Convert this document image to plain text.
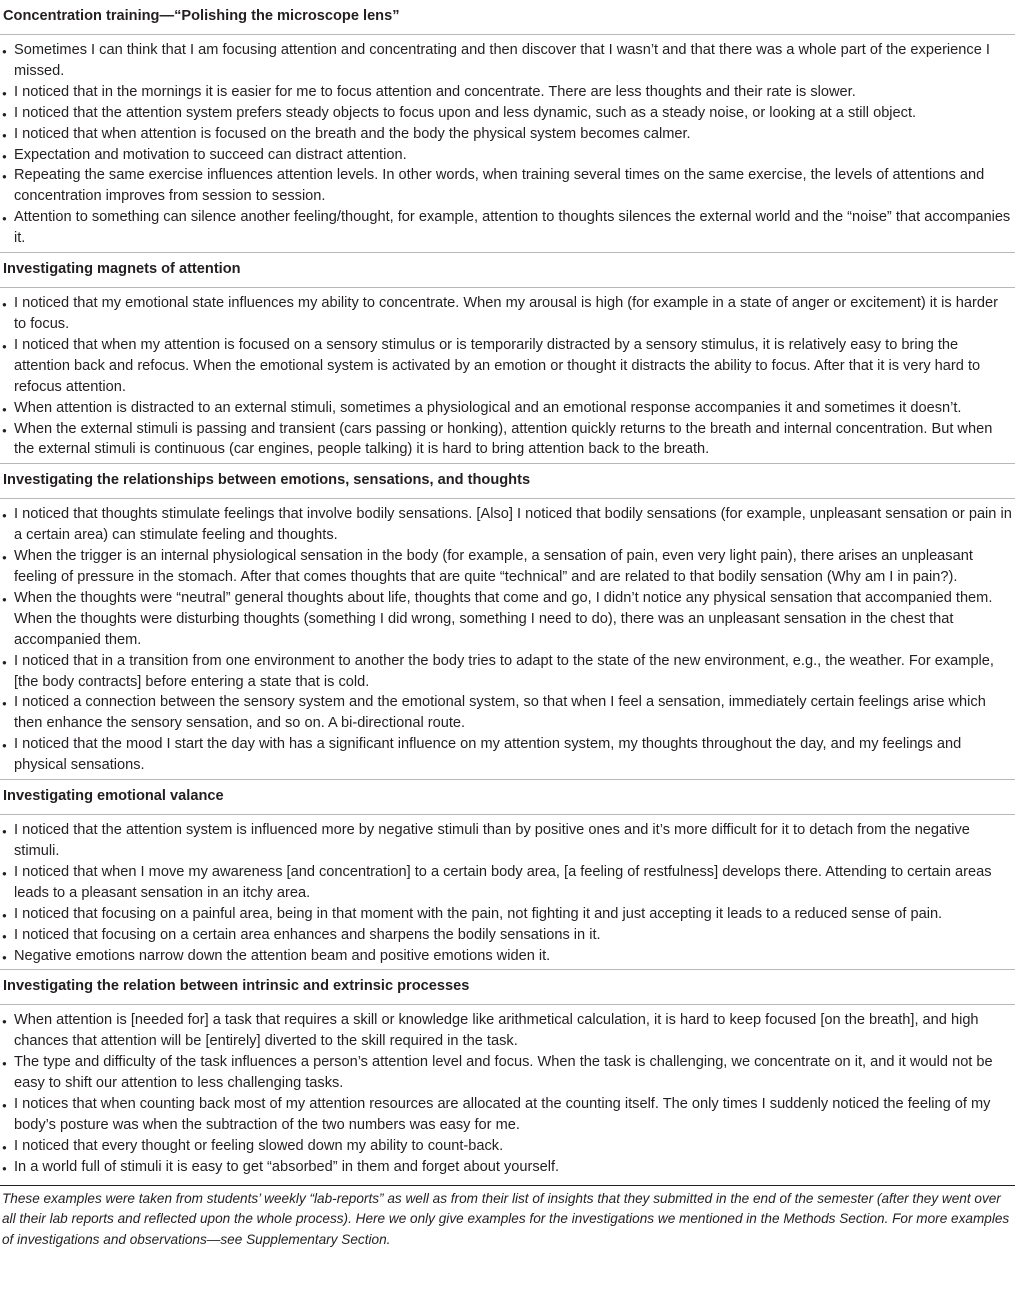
Concentration training—“Polishing the microscope lens”
● Sometimes I can think that I am focusing attention and concentrating and then discover that I wasn’t and that there was a whole part of the experience I missed.
● I noticed that in the mornings it is easier for me to focus attention and concentrate. There are less thoughts and their rate is slower.
● I noticed that the attention system prefers steady objects to focus upon and less dynamic, such as a steady noise, or looking at a still object.
● I noticed that when attention is focused on the breath and the body the physical system becomes calmer.
● Expectation and motivation to succeed can distract attention.
● Repeating the same exercise influences attention levels. In other words, when training several times on the same exercise, the levels of attentions and concentration improves from session to session.
● Attention to something can silence another feeling/thought, for example, attention to thoughts silences the external world and the “noise” that accompanies it.
Investigating magnets of attention
● I noticed that my emotional state influences my ability to concentrate. When my arousal is high (for example in a state of anger or excitement) it is harder to focus.
● I noticed that when my attention is focused on a sensory stimulus or is temporarily distracted by a sensory stimulus, it is relatively easy to bring the attention back and refocus. When the emotional system is activated by an emotion or thought it distracts the ability to focus. After that it is very hard to refocus attention.
● When attention is distracted to an external stimuli, sometimes a physiological and an emotional response accompanies it and sometimes it doesn’t.
● When the external stimuli is passing and transient (cars passing or honking), attention quickly returns to the breath and internal concentration. But when the external stimuli is continuous (car engines, people talking) it is hard to bring attention back to the breath.
Investigating the relationships between emotions, sensations, and thoughts
● I noticed that thoughts stimulate feelings that involve bodily sensations. [Also] I noticed that bodily sensations (for example, unpleasant sensation or pain in a certain area) can stimulate feeling and thoughts.
● When the trigger is an internal physiological sensation in the body (for example, a sensation of pain, even very light pain), there arises an unpleasant feeling of pressure in the stomach. After that comes thoughts that are quite “technical” and are related to that bodily sensation (Why am I in pain?).
● When the thoughts were “neutral” general thoughts about life, thoughts that come and go, I didn’t notice any physical sensation that accompanied them. When the thoughts were disturbing thoughts (something I did wrong, something I need to do), there was an unpleasant sensation in the chest that accompanied them.
● I noticed that in a transition from one environment to another the body tries to adapt to the state of the new environment, e.g., the weather. For example, [the body contracts] before entering a state that is cold.
● I noticed a connection between the sensory system and the emotional system, so that when I feel a sensation, immediately certain feelings arise which then enhance the sensory sensation, and so on. A bi-directional route.
● I noticed that the mood I start the day with has a significant influence on my attention system, my thoughts throughout the day, and my feelings and physical sensations.
Investigating emotional valance
● I noticed that the attention system is influenced more by negative stimuli than by positive ones and it’s more difficult for it to detach from the negative stimuli.
● I noticed that when I move my awareness [and concentration] to a certain body area, [a feeling of restfulness] develops there. Attending to certain areas leads to a pleasant sensation in an itchy area.
● I noticed that focusing on a painful area, being in that moment with the pain, not fighting it and just accepting it leads to a reduced sense of pain.
● I noticed that focusing on a certain area enhances and sharpens the bodily sensations in it.
● Negative emotions narrow down the attention beam and positive emotions widen it.
Investigating the relation between intrinsic and extrinsic processes
● When attention is [needed for] a task that requires a skill or knowledge like arithmetical calculation, it is hard to keep focused [on the breath], and high chances that attention will be [entirely] diverted to the skill required in the task.
● The type and difficulty of the task influences a person’s attention level and focus. When the task is challenging, we concentrate on it, and it would not be easy to shift our attention to less challenging tasks.
● I notices that when counting back most of my attention resources are allocated at the counting itself. The only times I suddenly noticed the feeling of my body’s posture was when the subtraction of the two numbers was easy for me.
● I noticed that every thought or feeling slowed down my ability to count-back.
● In a world full of stimuli it is easy to get “absorbed” in them and forget about yourself.

These examples were taken from students’ weekly “lab-reports” as well as from their list of insights that they submitted in the end of the semester (after they went over all their lab reports and reflected upon the whole process). Here we only give examples for the investigations we mentioned in the Methods Section. For more examples of investigations and observations—see Supplementary Section.
